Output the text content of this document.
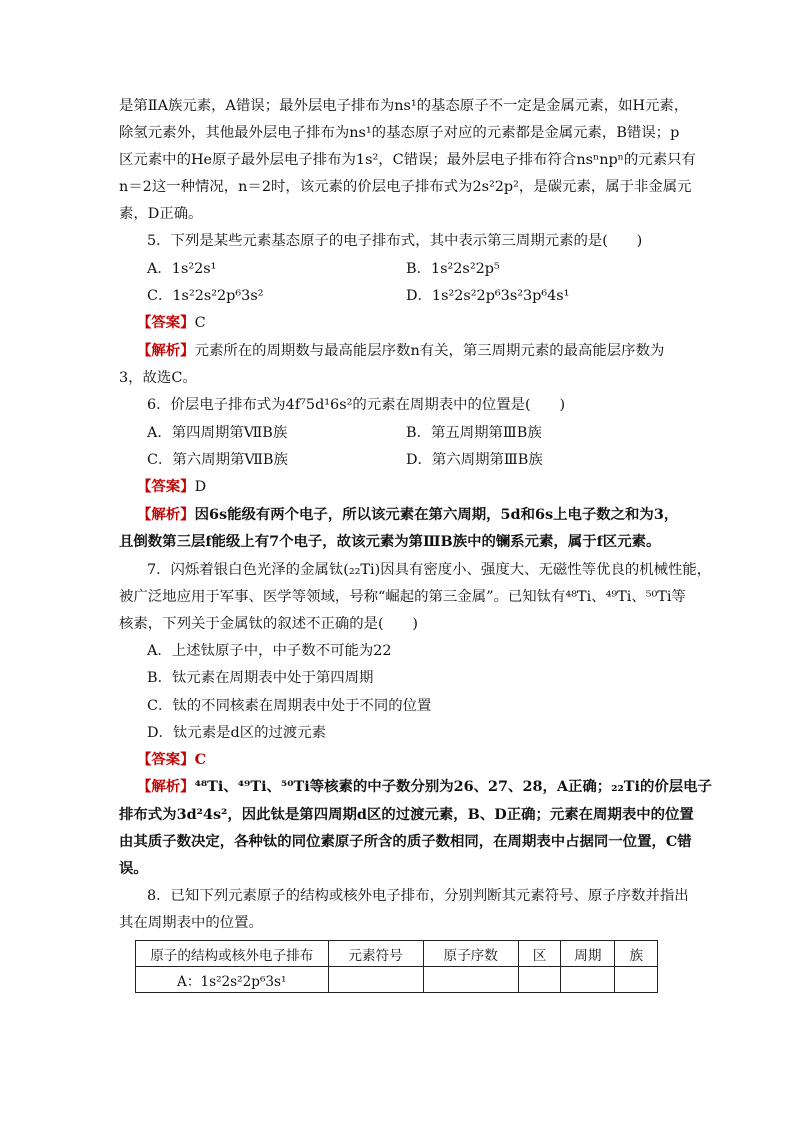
是第ⅡA族元素，A错误；最外层电子排布为ns¹的基态原子不一定是金属元素，如H元素，
除氢元素外，其他最外层电子排布为ns¹的基态原子对应的元素都是金属元素，B错误；p
区元素中的He原子最外层电子排布为1s²，C错误；最外层电子排布符合nsⁿnpⁿ的元素只有
n＝2这一种情况，n＝2时，该元素的价层电子排布式为2s²2p²，是碳元素，属于非金属元
素，D正确。
5．下列是某些元素基态原子的电子排布式，其中表示第三周期元素的是(　　)
A．1s²2s¹	B．1s²2s²2p⁵
C．1s²2s²2p⁶3s²	D．1s²2s²2p⁶3s²3p⁶4s¹
【答案】C
【解析】元素所在的周期数与最高能层序数n有关，第三周期元素的最高能层序数为
3，故选C。
6．价层电子排布式为4f⁷5d¹6s²的元素在周期表中的位置是(　　)
A．第四周期第ⅦB族	B．第五周期第ⅢB族
C．第六周期第ⅦB族	D．第六周期第ⅢB族
【答案】D
【解析】因6s能级有两个电子，所以该元素在第六周期，5d和6s上电子数之和为3，
且倒数第三层f能级上有7个电子，故该元素为第ⅢB族中的镧系元素，属于f区元素。
7．闪烁着银白色光泽的金属钛(₂₂Ti)因具有密度小、强度大、无磁性等优良的机械性能，
被广泛地应用于军事、医学等领域，号称“崛起的第三金属”。已知钛有⁴⁸Ti、⁴⁹Ti、⁵⁰Ti等
核素，下列关于金属钛的叙述不正确的是(　　)
A．上述钛原子中，中子数不可能为22
B．钛元素在周期表中处于第四周期
C．钛的不同核素在周期表中处于不同的位置
D．钛元素是d区的过渡元素
【答案】C
【解析】⁴⁸Ti、⁴⁹Ti、⁵⁰Ti等核素的中子数分别为26、27、28，A正确；₂₂Ti的价层电子
排布式为3d²4s²，因此钛是第四周期d区的过渡元素，B、D正确；元素在周期表中的位置
由其质子数决定，各种钛的同位素原子所含的质子数相同，在周期表中占据同一位置，C错
误。
8．已知下列元素原子的结构或核外电子排布，分别判断其元素符号、原子序数并指出
其在周期表中的位置。
原子的结构或核外电子排布	元素符号	原子序数	区	周期	族
A：1s²2s²2p⁶3s¹					
